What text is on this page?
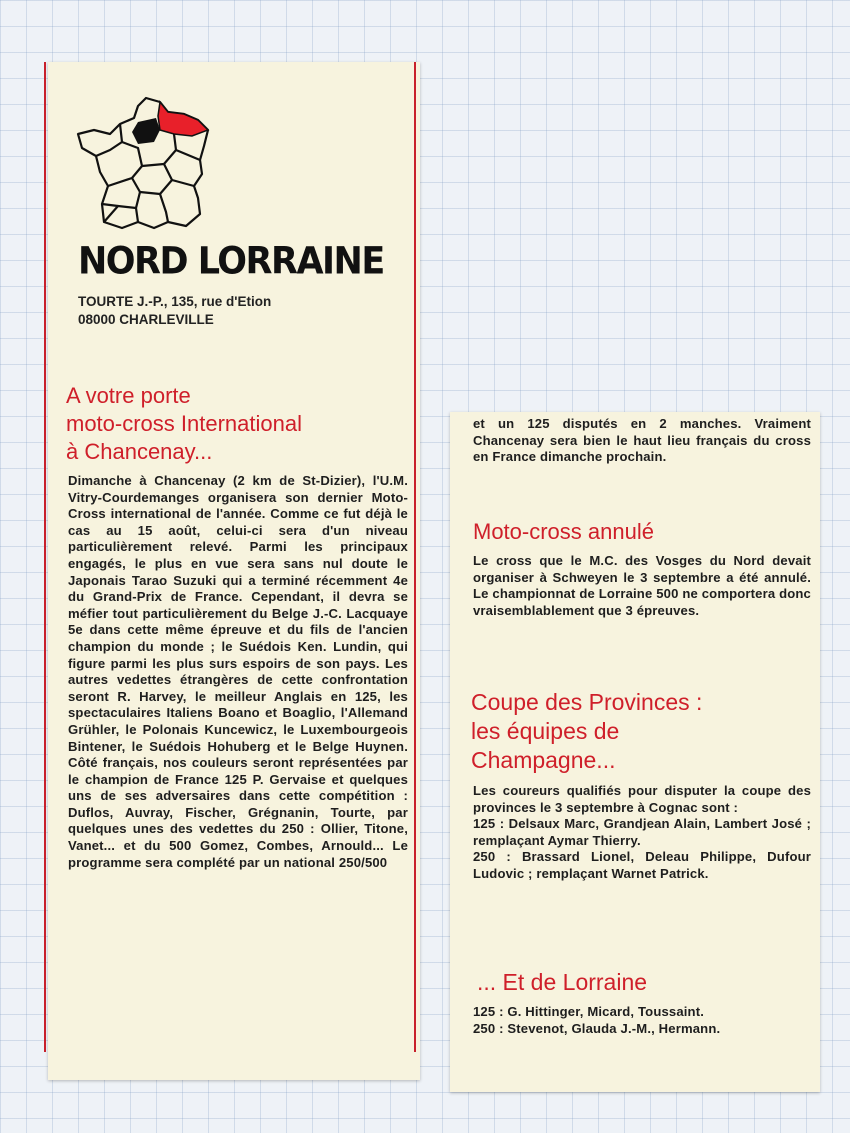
NORD LORRAINE
TOURTE J.-P., 135, rue d'Etion
08000 CHARLEVILLE
A votre porte
moto-cross International
à Chancenay...

Dimanche à Chancenay (2 km de St-Dizier), l'U.M. Vitry-Courdemanges organisera son dernier Moto-Cross international de l'année. Comme ce fut déjà le cas au 15 août, celui-ci sera d'un niveau particulièrement relevé. Parmi les principaux engagés, le plus en vue sera sans nul doute le Japonais Tarao Suzuki qui a terminé récemment 4e du Grand-Prix de France. Cependant, il devra se méfier tout particulièrement du Belge J.-C. Lacquaye 5e dans cette même épreuve et du fils de l'ancien champion du monde ; le Suédois Ken. Lundin, qui figure parmi les plus surs espoirs de son pays. Les autres vedettes étrangères de cette confrontation seront R. Harvey, le meilleur Anglais en 125, les spectaculaires Italiens Boano et Boaglio, l'Allemand Grühler, le Polonais Kuncewicz, le Luxembourgeois Bintener, le Suédois Hohuberg et le Belge Huynen. Côté français, nos couleurs seront représentées par le champion de France 125 P. Gervaise et quelques uns de ses adversaires dans cette compétition : Duflos, Auvray, Fischer, Grégnanin, Tourte, par quelques unes des vedettes du 250 : Ollier, Titone, Vanet... et du 500 Gomez, Combes, Arnould... Le programme sera complété par un national 250/500

et un 125 disputés en 2 manches. Vraiment Chancenay sera bien le haut lieu français du cross en France dimanche prochain.

Moto-cross annulé

Le cross que le M.C. des Vosges du Nord devait organiser à Schweyen le 3 septembre a été annulé. Le championnat de Lorraine 500 ne comportera donc vraisemblablement que 3 épreuves.

Coupe des Provinces :
les équipes de
Champagne...
Les coureurs qualifiés pour disputer la coupe des provinces le 3 septembre à Cognac sont :
125 : Delsaux Marc, Grandjean Alain, Lambert José ; remplaçant Aymar Thierry.
250 : Brassard Lionel, Deleau Philippe, Dufour Ludovic ; remplaçant Warnet Patrick.
... Et de Lorraine
125 : G. Hittinger, Micard, Toussaint.
250 : Stevenot, Glauda J.-M., Hermann.
